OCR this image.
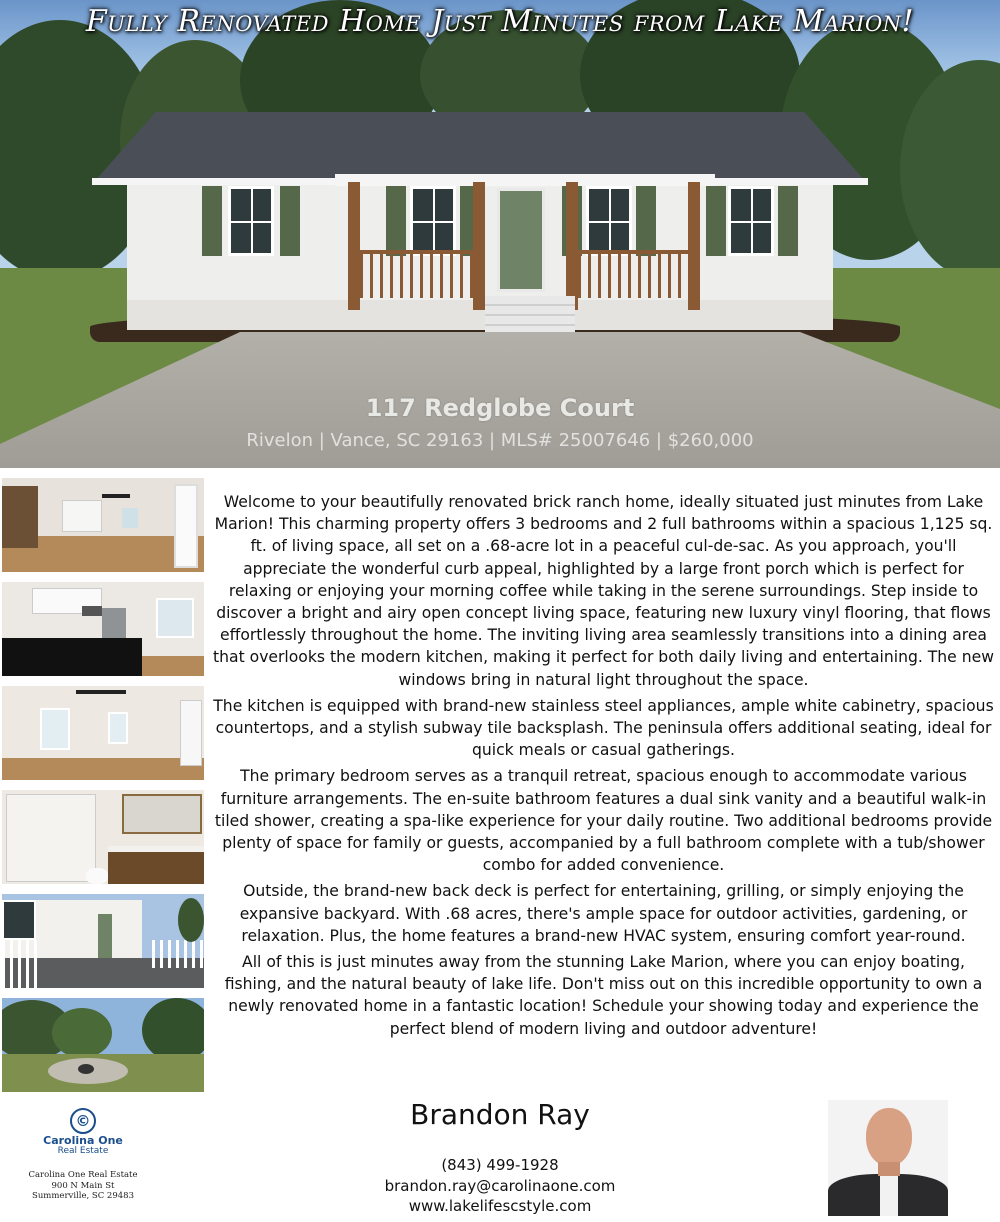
Fully Renovated Home Just Minutes from Lake Marion!
117 Redglobe Court
Rivelon | Vance, SC 29163 | MLS# 25007646 | $260,000

Welcome to your beautifully renovated brick ranch home, ideally situated just minutes from Lake Marion! This charming property offers 3 bedrooms and 2 full bathrooms within a spacious 1,125 sq. ft. of living space, all set on a .68-acre lot in a peaceful cul-de-sac. As you approach, you'll appreciate the wonderful curb appeal, highlighted by a large front porch which is perfect for relaxing or enjoying your morning coffee while taking in the serene surroundings. Step inside to discover a bright and airy open concept living space, featuring new luxury vinyl flooring, that flows effortlessly throughout the home. The inviting living area seamlessly transitions into a dining area that overlooks the modern kitchen, making it perfect for both daily living and entertaining. The new windows bring in natural light throughout the space.

The kitchen is equipped with brand-new stainless steel appliances, ample white cabinetry, spacious countertops, and a stylish subway tile backsplash. The peninsula offers additional seating, ideal for quick meals or casual gatherings.

The primary bedroom serves as a tranquil retreat, spacious enough to accommodate various furniture arrangements. The en-suite bathroom features a dual sink vanity and a beautiful walk-in tiled shower, creating a spa-like experience for your daily routine. Two additional bedrooms provide plenty of space for family or guests, accompanied by a full bathroom complete with a tub/shower combo for added convenience.

Outside, the brand-new back deck is perfect for entertaining, grilling, or simply enjoying the expansive backyard. With .68 acres, there's ample space for outdoor activities, gardening, or relaxation. Plus, the home features a brand-new HVAC system, ensuring comfort year-round.

All of this is just minutes away from the stunning Lake Marion, where you can enjoy boating, fishing, and the natural beauty of lake life. Don't miss out on this incredible opportunity to own a newly renovated home in a fantastic location! Schedule your showing today and experience the perfect blend of modern living and outdoor adventure!

©
Carolina One
Real Estate
Carolina One Real Estate
900 N Main St
Summerville, SC 29483
Brandon Ray
(843) 499-1928
brandon.ray@carolinaone.com
www.lakelifescstyle.com
